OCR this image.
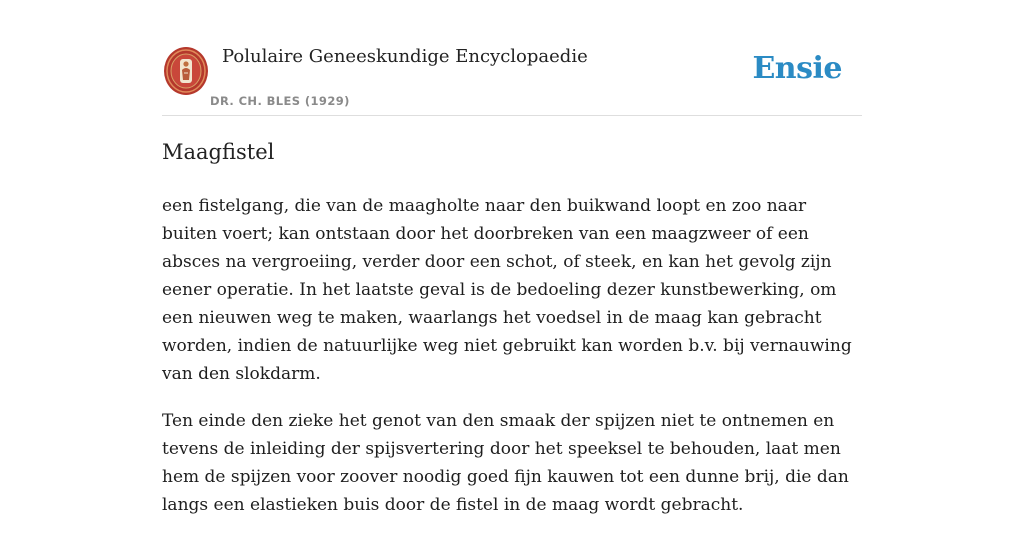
Polulaire Geneeskundige Encyclopaedie
DR. CH. BLES (1929)
Ensie
Maagfistel

een fistelgang, die van de maagholte naar den buikwand loopt en zoo naar buiten voert; kan ontstaan door het doorbreken van een maagzweer of een absces na vergroeiing, verder door een schot, of steek, en kan het gevolg zijn eener operatie. In het laatste geval is de bedoeling dezer kunstbewerking, om een nieuwen weg te maken, waarlangs het voedsel in de maag kan gebracht worden, indien de natuurlijke weg niet gebruikt kan worden b.v. bij vernauwing van den slokdarm.

Ten einde den zieke het genot van den smaak der spijzen niet te ontnemen en tevens de inleiding der spijsvertering door het speeksel te behouden, laat men hem de spijzen voor zoover noodig goed fijn kauwen tot een dunne brij, die dan langs een elastieken buis door de fistel in de maag wordt gebracht.
